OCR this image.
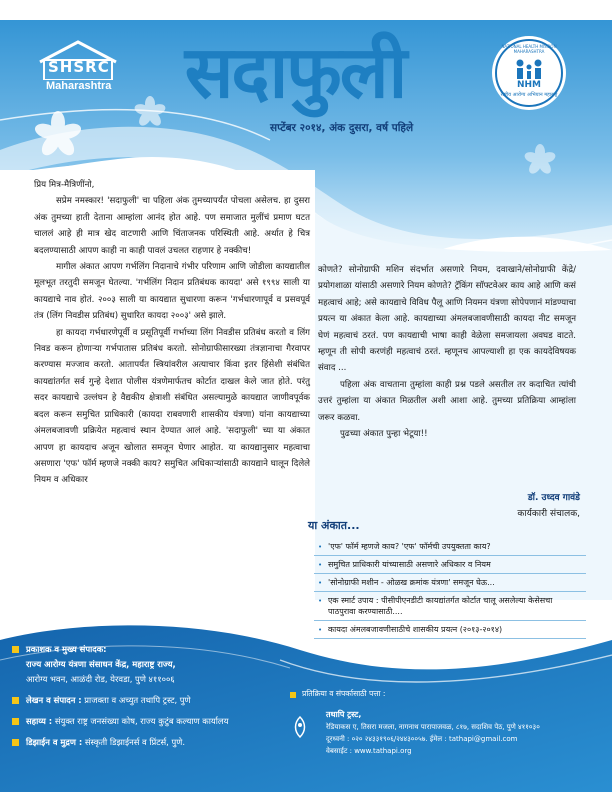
SHSRC
Maharashtra	सदाफुली	NATIONAL HEALTH MISSION MAHARASHTRA
NHM
राष्ट्रीय आरोग्य अभियान महाराष्ट्र
सप्टेंबर २०१४, अंक दुसरा, वर्ष पहिले

प्रिय मित्र-मैत्रिणींनो,

सप्रेम नमस्कार! 'सदाफुली' चा पहिला अंक तुमच्यापर्यंत पोचला असेलच. हा दुसरा अंक तुमच्या हाती देताना आम्हांला आनंद होत आहे. पण समाजात मुलींचं प्रमाण घटत चाललं आहे ही मात्र खेद वाटणारी आणि चिंताजनक परिस्थिती आहे. अर्थात हे चित्र बदलण्यासाठी आपण काही ना काही पावलं उचलत राहणार हे नक्कीच!

मागील अंकात आपण गर्भलिंग निदानाचे गंभीर परिणाम आणि जोडीला कायद्यातील मूलभूत तरतुदी समजून घेतल्या. 'गर्भलिंग निदान प्रतिबंधक कायदा' असे १९९४ साली या कायद्याचे नाव होतं. २००३ साली या कायद्यात सुधारणा करून 'गर्भधारणापूर्व व प्रसवपूर्व तंत्र (लिंग निवडीस प्रतिबंध) सुधारित कायदा २००३' असे झाले.

हा कायदा गर्भधारणेपूर्वी व प्रसूतिपूर्वी गर्भाच्या लिंग निवडीस प्रतिबंध करतो व लिंग निवड करून होणाऱ्या गर्भपातास प्रतिबंध करतो. सोनोग्राफीसारख्या तंत्रज्ञानाचा गैरवापर करण्यास मज्जाव करतो. आतापर्यंत स्त्रियांवरील अत्याचार किंवा इतर हिंसेशी संबंधित कायद्यांतर्गत सर्व गुन्हे देशात पोलीस यंत्रणेमार्फतच कोर्टात दाखल केले जात होते. परंतु सदर कायद्याचे उल्लंघन हे वैद्यकीय क्षेत्राशी संबंधित असल्यामुळे कायद्यात जाणीवपूर्वक बदल करून समुचित प्राधिकारी (कायदा राबवणारी शासकीय यंत्रणा) यांना कायद्याच्या अंमलबजावणी प्रक्रियेत महत्वाचं स्थान देण्यात आलं आहे. 'सदाफुली' च्या या अंकात आपण हा कायदाच अजून खोलात समजून घेणार आहोत. या कायद्यानुसार महत्वाचा असणारा 'एफ' फॉर्म म्हणजे नक्की काय? समुचित अधिकाऱ्यांसाठी कायद्याने घालून दिलेले नियम व अधिकार

कोणते? सोनोग्राफी मशिन संदर्भात असणारे नियम, दवाखाने/सोनोग्राफी केंद्रे/प्रयोगशाळा यांसाठी असणारे नियम कोणते? ट्रॅकिंग सॉफ्टवेअर काय आहे आणि कसं महत्वाचं आहे; असे कायद्याचे विविध पैलू आणि नियमन यंत्रणा सोपेपणानं मांडण्याचा प्रयत्न या अंकात केला आहे. कायद्याच्या अंमलबजावणीसाठी कायदा नीट समजून घेणं महत्वाचं ठरतं. पण कायद्याची भाषा काही वेळेला समजायला अवघड वाटते. म्हणून ती सोपी करणंही महत्वाचं ठरतं. म्हणूनच आपल्याशी हा एक कायदेविषयक संवाद ...

पहिला अंक वाचताना तुम्हांला काही प्रश्न पडले असतील तर कदाचित त्यांची उत्तरं तुम्हांला या अंकात मिळतील अशी आशा आहे. तुमच्या प्रतिक्रिया आम्हांला जरूर कळवा.

पुढच्या अंकात पुन्हा भेटूया!!

डॉ. उध्दव गावंडे
कार्यकारी संचालक,
या अंकात...
• 'एफ' फॉर्म म्हणजे काय? 'एफ' फॉर्मची उपयुक्तता काय?
• समुचित प्राधिकारी यांच्यासाठी असणारे अधिकार व नियम
• 'सोनोग्राफी मशीन - ओळख क्रमांक यंत्रणा' समजून घेऊ...
• एक स्मार्ट उपाय : पीसीपीएनडीटी कायद्यांतर्गत कोर्टात चालू असलेल्या केसेसचा पाठपुरावा करण्यासाठी....
• कायदा अंमलबजावणीसाठीचे शासकीय प्रयत्न (२०१३-२०१४)
प्रकाशक व मुख्य संपादक:
राज्य आरोग्य यंत्रणा संसाधन केंद्र, महाराष्ट्र राज्य,
आरोग्य भवन, आळंदी रोड, येरवडा, पुणे ४११००६
लेखन व संपादन : प्राजक्ता व अच्युत तथापि ट्रस्ट, पुणे
सहाय्य : संयुक्त राष्ट्र जनसंख्या कोष, राज्य कुटुंब कल्याण कार्यालय
डिझाईन व मुद्रण : संस्कृती डिझाईनर्स व प्रिंटर्स, पुणे.
प्रतिक्रिया व संपर्कासाठी पत्ता :
तथापि ट्रस्ट,
रेडियाकस ए, तिसरा मजला, नागनाथ पारापाजवळ, ८१७, सदाशिव पेठ, पुणे ४११०३०
दूरध्वनी : ०२० २४३३१९०६/२४४३००५७. ईमेल : tathapi@gmail.com
वेबसाईट : www.tathapi.org
